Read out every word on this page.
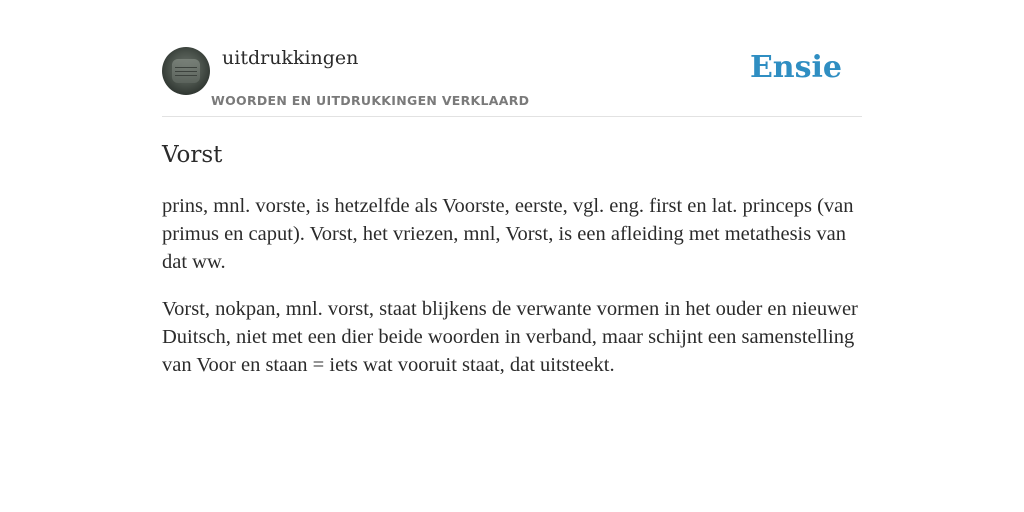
uitdrukkingen
WOORDEN EN UITDRUKKINGEN VERKLAARD
Ensie
Vorst

prins, mnl. vorste, is hetzelfde als Voorste, eerste, vgl. eng. first en lat. princeps (van primus en caput). Vorst, het vriezen, mnl, Vorst, is een afleiding met metathesis van dat ww.

Vorst, nokpan, mnl. vorst, staat blijkens de verwante vormen in het ouder en nieuwer Duitsch, niet met een dier beide woorden in verband, maar schijnt een samenstelling van Voor en staan = iets wat vooruit staat, dat uitsteekt.
